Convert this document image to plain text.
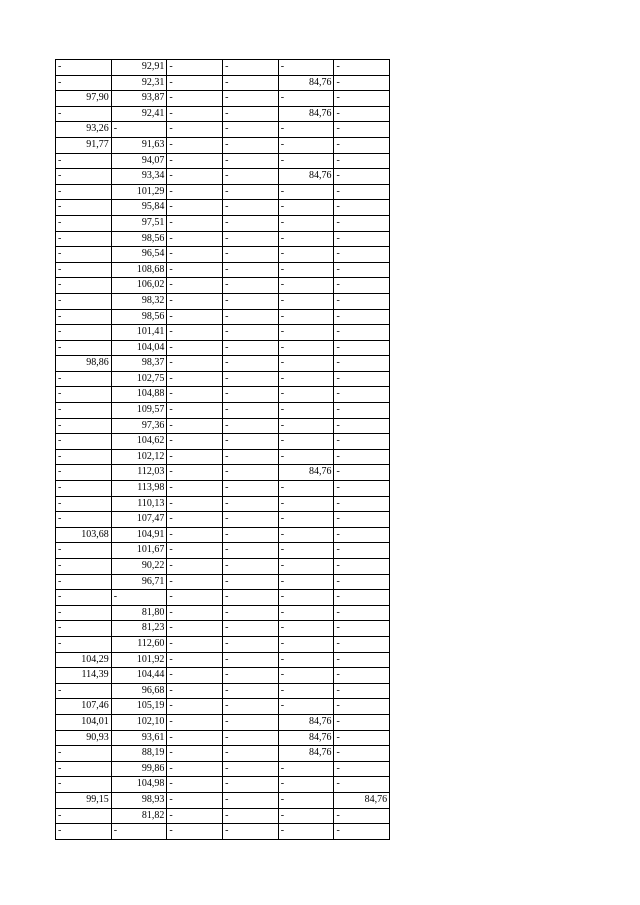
-	92,91	-	-	-	-
-	92,31	-	-	84,76	-
97,90	93,87	-	-	-	-
-	92,41	-	-	84,76	-
93,26	-	-	-	-	-
91,77	91,63	-	-	-	-
-	94,07	-	-	-	-
-	93,34	-	-	84,76	-
-	101,29	-	-	-	-
-	95,84	-	-	-	-
-	97,51	-	-	-	-
-	98,56	-	-	-	-
-	96,54	-	-	-	-
-	108,68	-	-	-	-
-	106,02	-	-	-	-
-	98,32	-	-	-	-
-	98,56	-	-	-	-
-	101,41	-	-	-	-
-	104,04	-	-	-	-
98,86	98,37	-	-	-	-
-	102,75	-	-	-	-
-	104,88	-	-	-	-
-	109,57	-	-	-	-
-	97,36	-	-	-	-
-	104,62	-	-	-	-
-	102,12	-	-	-	-
-	112,03	-	-	84,76	-
-	113,98	-	-	-	-
-	110,13	-	-	-	-
-	107,47	-	-	-	-
103,68	104,91	-	-	-	-
-	101,67	-	-	-	-
-	90,22	-	-	-	-
-	96,71	-	-	-	-
-	-	-	-	-	-
-	81,80	-	-	-	-
-	81,23	-	-	-	-
-	112,60	-	-	-	-
104,29	101,92	-	-	-	-
114,39	104,44	-	-	-	-
-	96,68	-	-	-	-
107,46	105,19	-	-	-	-
104,01	102,10	-	-	84,76	-
90,93	93,61	-	-	84,76	-
-	88,19	-	-	84,76	-
-	99,86	-	-	-	-
-	104,98	-	-	-	-
99,15	98,93	-	-	-	84,76
-	81,82	-	-	-	-
-	-	-	-	-	-
